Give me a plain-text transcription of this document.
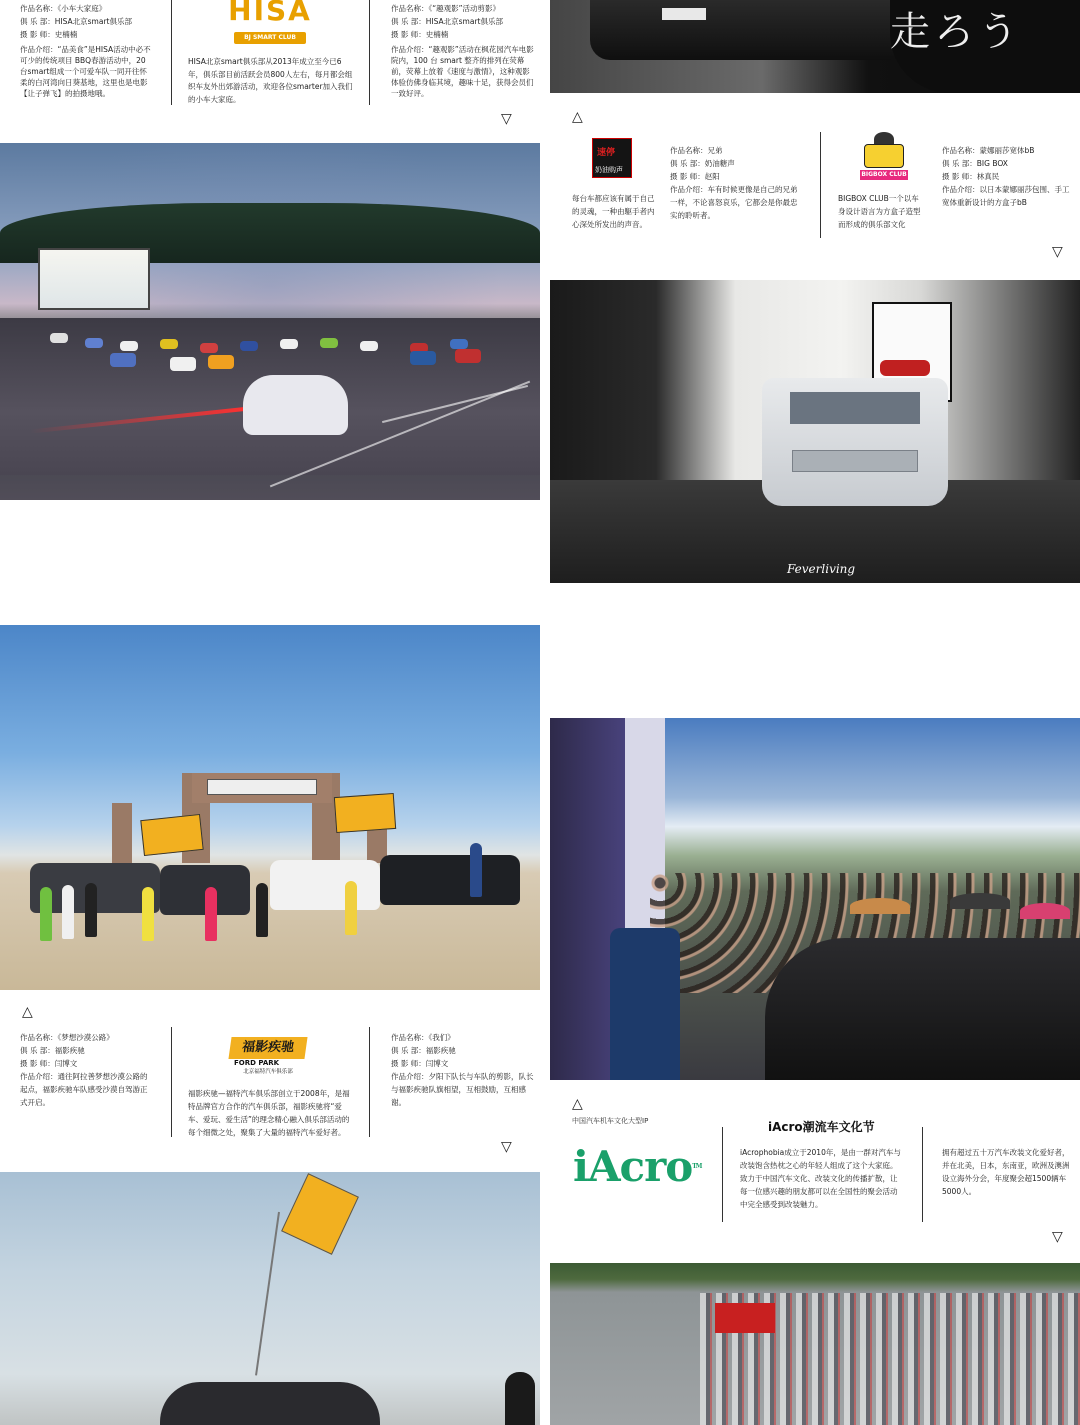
作品名称：《小车大家庭》
俱 乐 部：HISA北京smart俱乐部
摄 影 师：史楠楠
作品介绍：“品美食”是HISA活动中必不可少的传统项目 BBQ春游活动中，20台smart组成一个可爱车队一同开往怀柔的白河湾向日葵基地，这里也是电影【让子弹飞】的拍摄地哦。
HISA
BJ SMART CLUB
HISA北京smart俱乐部从2013年成立至今已6年，俱乐部目前活跃会员800人左右，每月都会组织车友外出郊游活动，欢迎各位smarter加入我们的小车大家庭。
作品名称：《“趣观影”活动剪影》
俱 乐 部：HISA北京smart俱乐部
摄 影 师：史楠楠
作品介绍：“趣观影”活动在枫花园汽车电影院内，100 台 smart 整齐的排列在荧幕前，荧幕上放着《速度与激情》，这种观影体验仿佛身临其境，趣味十足，获得会员们一致好评。
▽
走ろう
△
速停
奶油购声
每台车都应该有属于自己的灵魂，一种由駆手者内心深处所发出的声音。
作品名称：兄弟
俱 乐 部：奶油糖声
摄 影 师：赵阳
作品介绍：车有时候更像是自己的兄弟一样，不论喜怒哀乐，它都会是你最忠实的聆听者。
BIGBOX CLUB
BIGBOX CLUB一个以车身设计语言为方盒子造型而形成的俱乐部文化
作品名称：蒙娜丽莎宽体bB
俱 乐 部：BIG BOX
摄 影 师：林真民
作品介绍：以日本蒙娜丽莎包围、手工宽体重新设计的方盒子bB
▽
Feverliving
△
作品名称：《梦想沙漠公路》
俱 乐 部：福影疾驰
摄 影 师：闫博文
作品介绍：通往阿拉善梦想沙漠公路的起点，福影疾驰车队感受沙漠自驾游正式开启。
福影疾驰
FORD PARK
北京福特汽车俱乐部
福影疾驰—福特汽车俱乐部创立于2008年，是福特品牌官方合作的汽车俱乐部，福影疾驰将“爱车、爱玩、爱生活”的理念精心融入俱乐部活动的每个细微之处，聚集了大量的福特汽车爱好者。
作品名称：《我们》
俱 乐 部：福影疾驰
摄 影 师：闫博文
作品介绍：夕阳下队长与车队的剪影，队长与福影疾驰队旗相望，互相鼓励，互相感谢。
▽
△
中国汽车机车文化大型IP
iAcro™
iAcro潮流车文化节
iAcrophobia成立于2010年，是由一群对汽车与改装饱含热枕之心的年轻人组成了这个大家庭。致力于中国汽车文化、改装文化的传播扩散，让每一位感兴趣的朋友都可以在全国性的聚会活动中完全感受到改装魅力。
拥有超过五十万汽车改装文化爱好者，并在北美，日本，东南亚，欧洲及澳洲设立海外分会，年度聚会超1500辆车5000人。
▽
